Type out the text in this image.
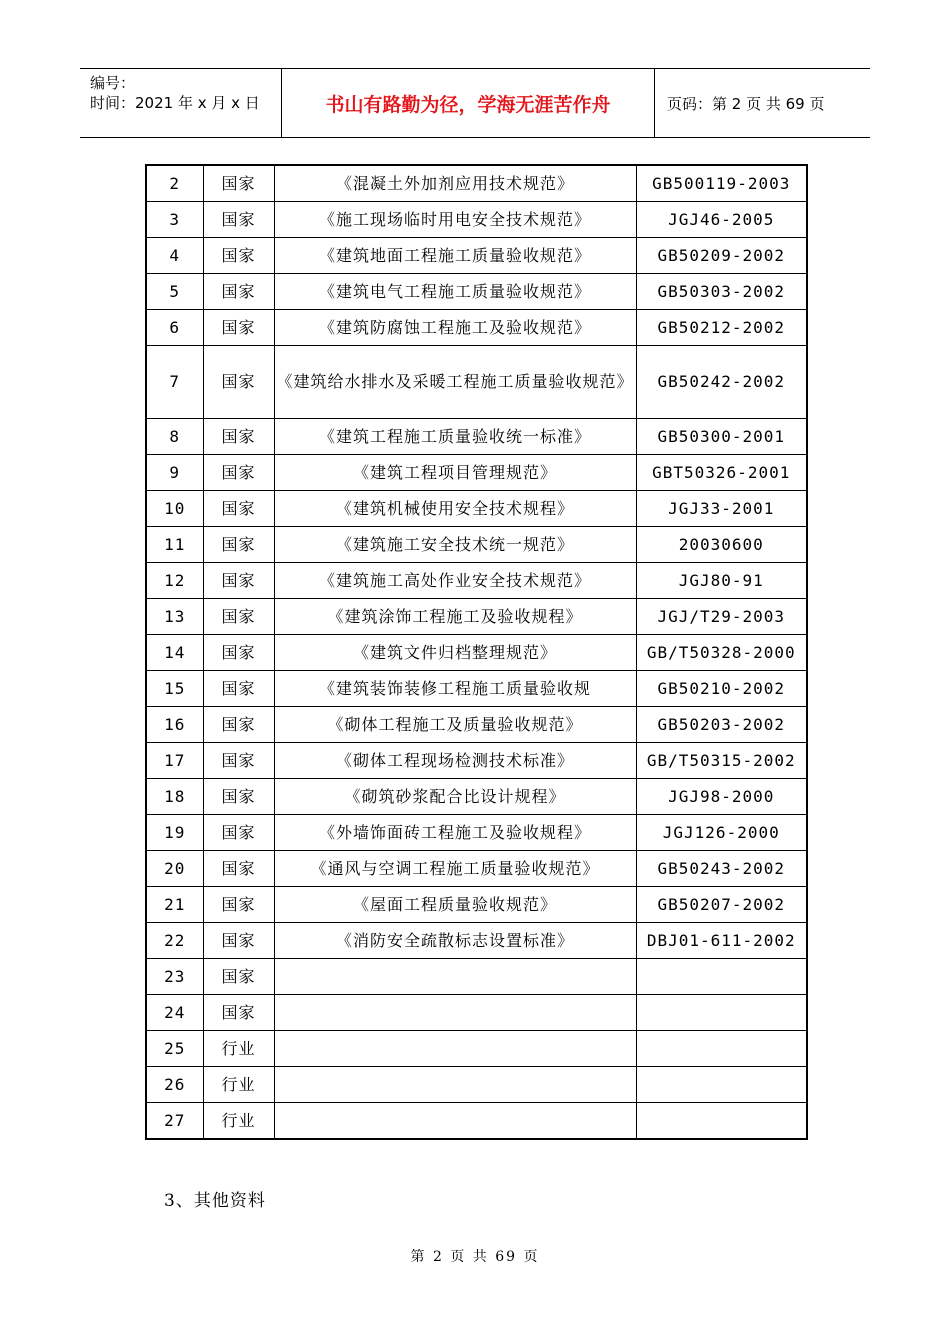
编号：
时间：2021 年 x 月 x 日	书山有路勤为径，学海无涯苦作舟	页码：第 2 页 共 69 页
2	国家	《混凝土外加剂应用技术规范》	GB500119-2003
3	国家	《施工现场临时用电安全技术规范》	JGJ46-2005
4	国家	《建筑地面工程施工质量验收规范》	GB50209-2002
5	国家	《建筑电气工程施工质量验收规范》	GB50303-2002
6	国家	《建筑防腐蚀工程施工及验收规范》	GB50212-2002
7	国家	《建筑给水排水及采暖工程施工质量验收规范》	GB50242-2002
8	国家	《建筑工程施工质量验收统一标准》	GB50300-2001
9	国家	《建筑工程项目管理规范》	GBT50326-2001
10	国家	《建筑机械使用安全技术规程》	JGJ33-2001
11	国家	《建筑施工安全技术统一规范》	20030600
12	国家	《建筑施工高处作业安全技术规范》	JGJ80-91
13	国家	《建筑涂饰工程施工及验收规程》	JGJ/T29-2003
14	国家	《建筑文件归档整理规范》	GB/T50328-2000
15	国家	《建筑装饰装修工程施工质量验收规	GB50210-2002
16	国家	《砌体工程施工及质量验收规范》	GB50203-2002
17	国家	《砌体工程现场检测技术标准》	GB/T50315-2002
18	国家	《砌筑砂浆配合比设计规程》	JGJ98-2000
19	国家	《外墙饰面砖工程施工及验收规程》	JGJ126-2000
20	国家	《通风与空调工程施工质量验收规范》	GB50243-2002
21	国家	《屋面工程质量验收规范》	GB50207-2002
22	国家	《消防安全疏散标志设置标准》	DBJ01-611-2002
23	国家		
24	国家		
25	行业		
26	行业		
27	行业		
3、其他资料
第 2 页 共 69 页
